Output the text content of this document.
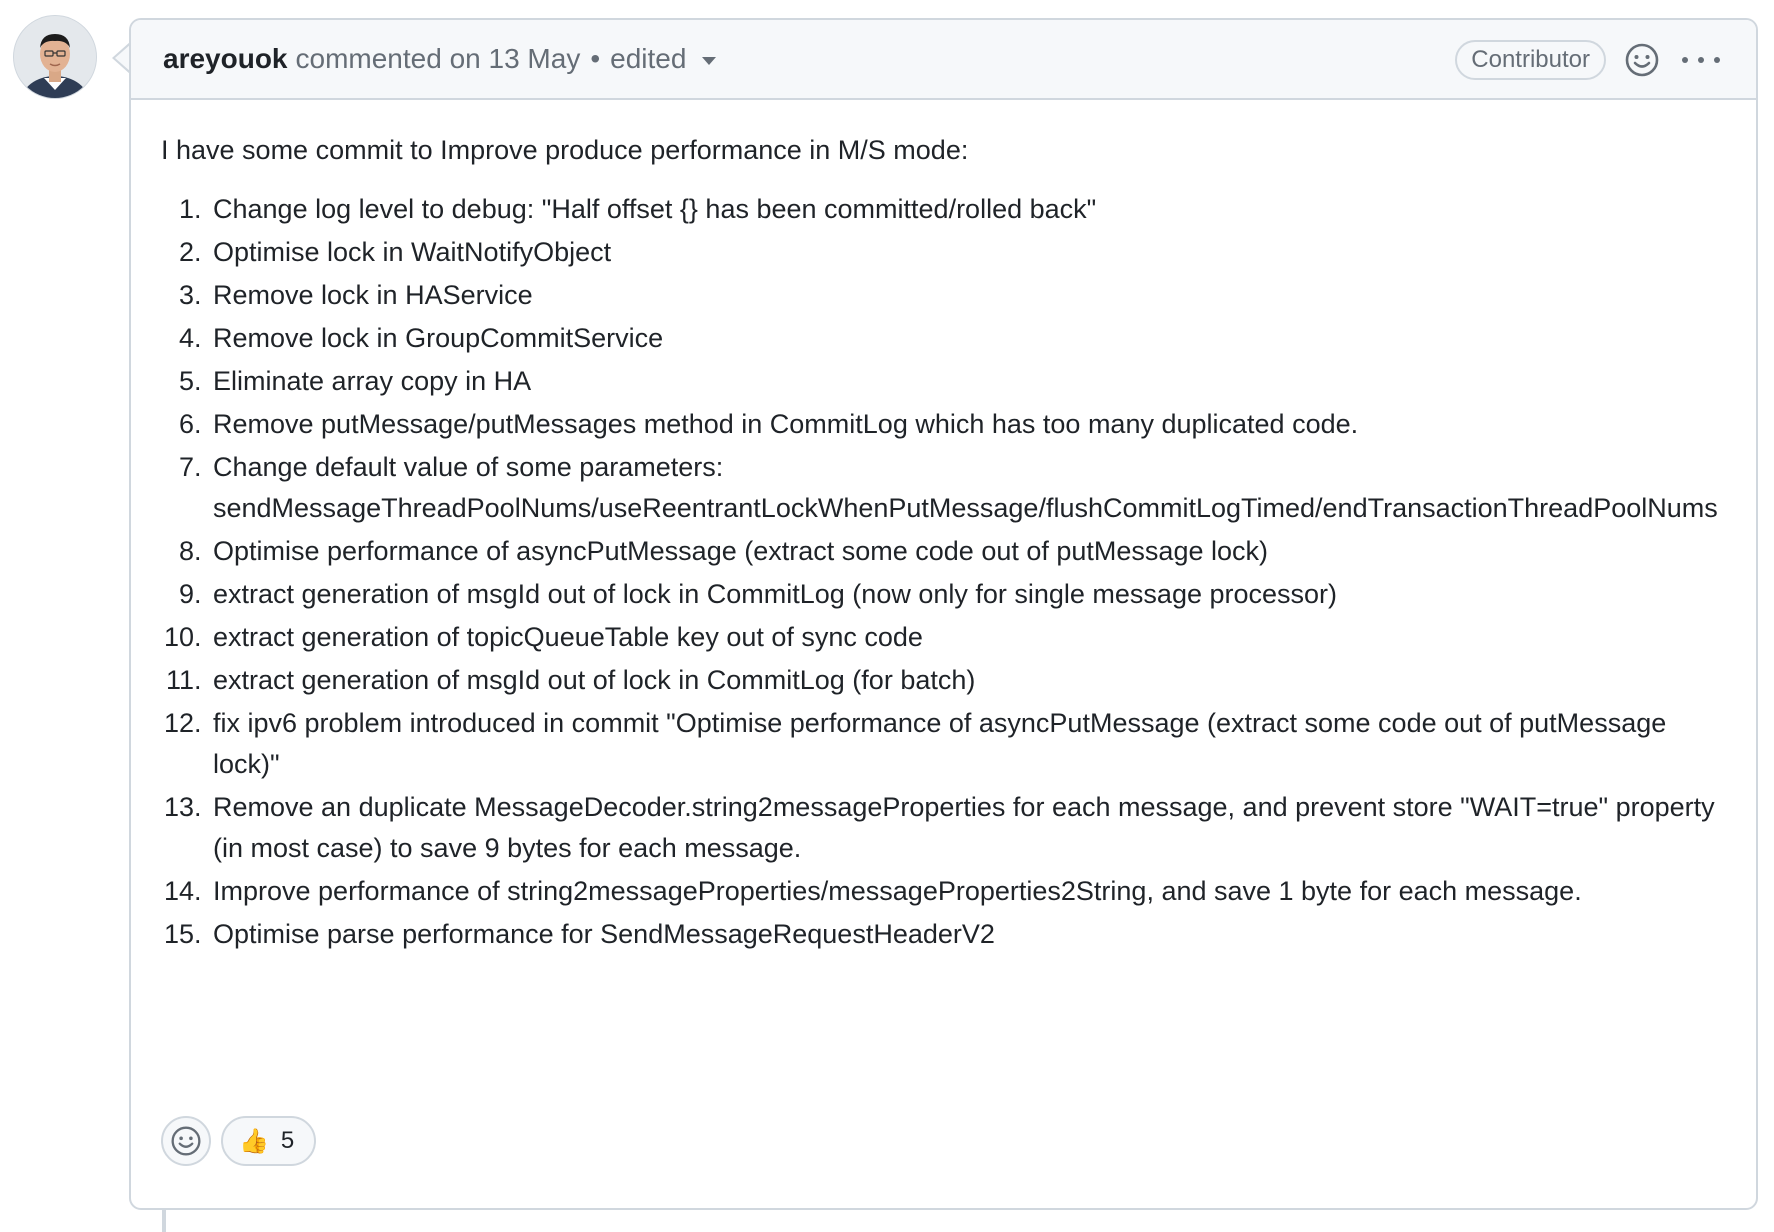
areyouok commented on 13 May • edited	Contributor

I have some commit to Improve produce performance in M/S mode:

1. Change log level to debug: "Half offset {} has been committed/rolled back"
2. Optimise lock in WaitNotifyObject
3. Remove lock in HAService
4. Remove lock in GroupCommitService
5. Eliminate array copy in HA
6. Remove putMessage/putMessages method in CommitLog which has too many duplicated code.
7. Change default value of some parameters: sendMessageThreadPoolNums/useReentrantLockWhenPutMessage/flushCommitLogTimed/endTransactionThreadPoolNums
8. Optimise performance of asyncPutMessage (extract some code out of putMessage lock)
9. extract generation of msgId out of lock in CommitLog (now only for single message processor)
10. extract generation of topicQueueTable key out of sync code
11. extract generation of msgId out of lock in CommitLog (for batch)
12. fix ipv6 problem introduced in commit "Optimise performance of asyncPutMessage (extract some code out of putMessage lock)"
13. Remove an duplicate MessageDecoder.string2messageProperties for each message, and prevent store "WAIT=true" property (in most case) to save 9 bytes for each message.
14. Improve performance of string2messageProperties/messageProperties2String, and save 1 byte for each message.
15. Optimise parse performance for SendMessageRequestHeaderV2
👍 5
